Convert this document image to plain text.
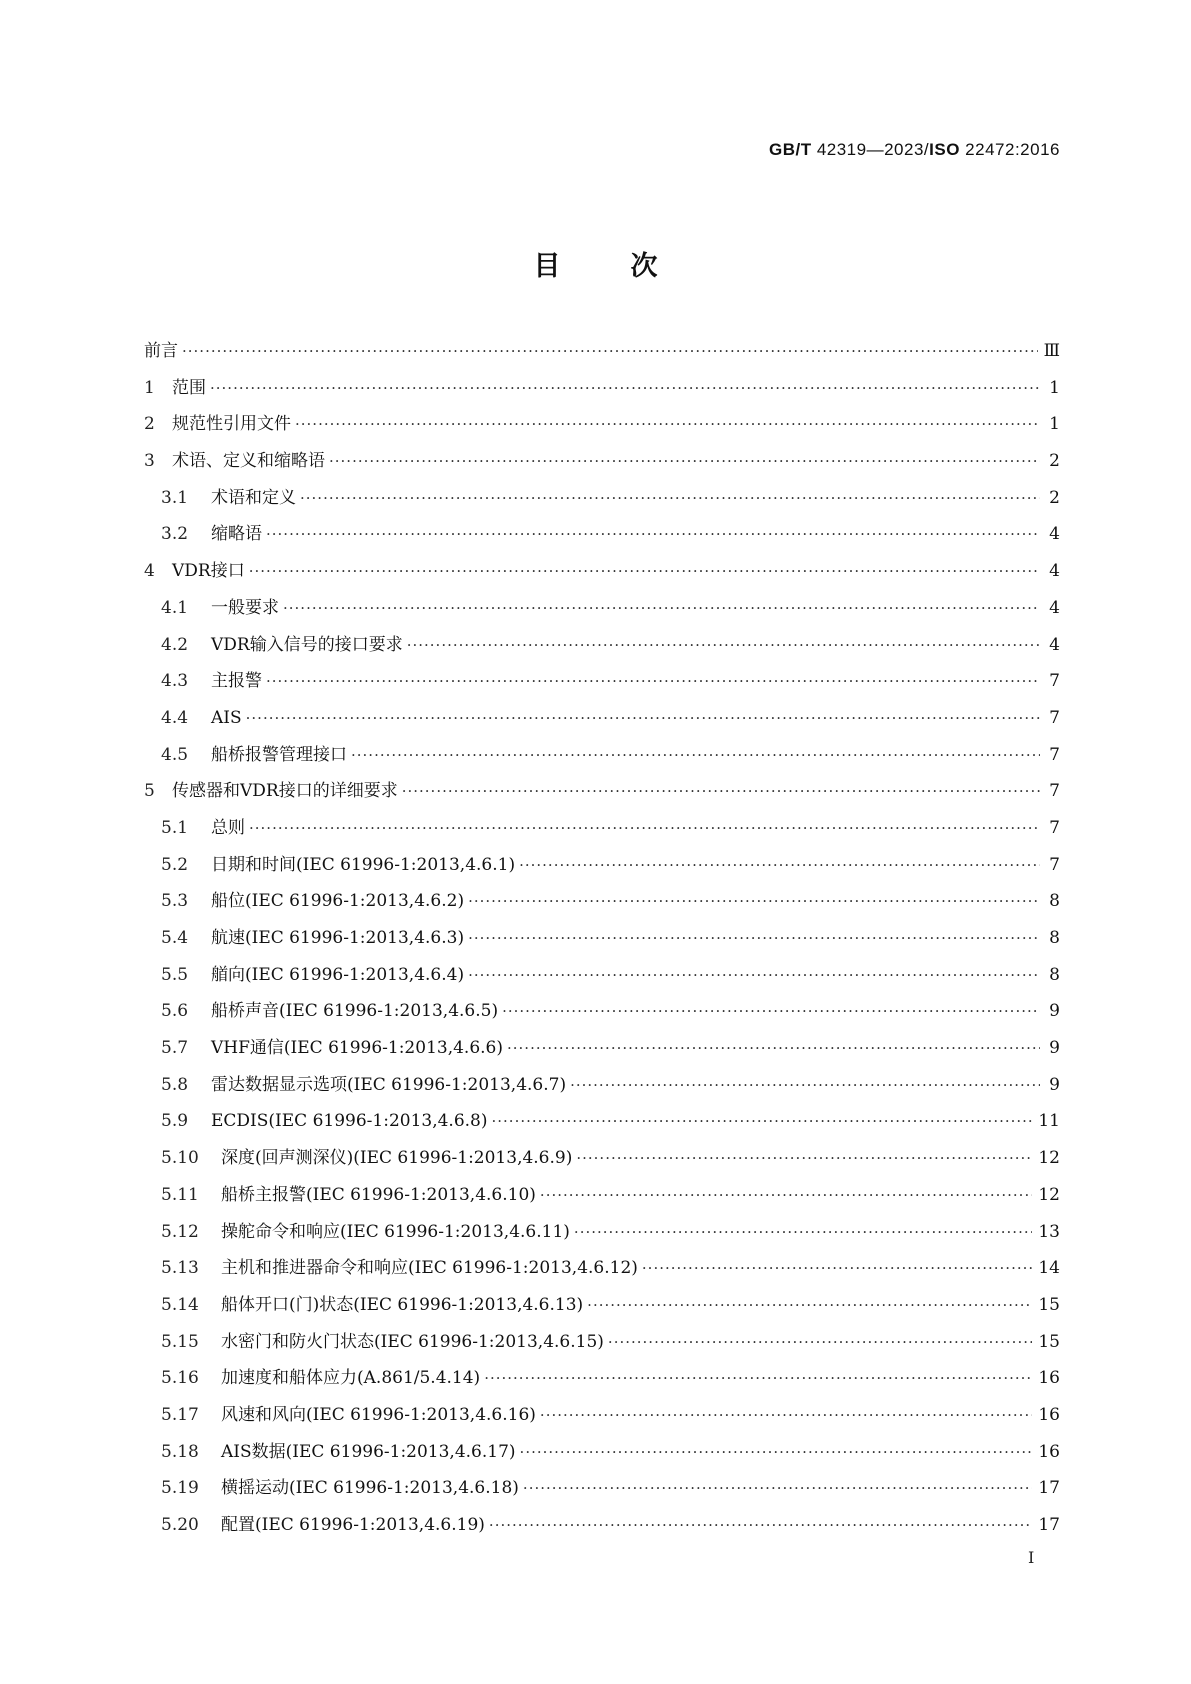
GB/T 42319—2023/ISO 22472:2016
目次
前言 ·····	Ⅲ
1	范围 ·····	1
2	规范性引用文件 ·····	1
3	术语、定义和缩略语 ·····	2
3.1	术语和定义 ·····	2
3.2	缩略语 ·····	4
4	VDR接口 ·····	4
4.1	一般要求 ·····	4
4.2	VDR输入信号的接口要求 ·····	4
4.3	主报警 ·····	7
4.4	AIS ·····	7
4.5	船桥报警管理接口 ·····	7
5	传感器和VDR接口的详细要求 ·····	7
5.1	总则 ·····	7
5.2	日期和时间(IEC 61996-1:2013,4.6.1) ·····	7
5.3	船位(IEC 61996-1:2013,4.6.2) ·····	8
5.4	航速(IEC 61996-1:2013,4.6.3) ·····	8
5.5	艏向(IEC 61996-1:2013,4.6.4) ·····	8
5.6	船桥声音(IEC 61996-1:2013,4.6.5) ·····	9
5.7	VHF通信(IEC 61996-1:2013,4.6.6) ·····	9
5.8	雷达数据显示选项(IEC 61996-1:2013,4.6.7) ·····	9
5.9	ECDIS(IEC 61996-1:2013,4.6.8) ·····	11
5.10	深度(回声测深仪)(IEC 61996-1:2013,4.6.9) ·····	12
5.11	船桥主报警(IEC 61996-1:2013,4.6.10) ·····	12
5.12	操舵命令和响应(IEC 61996-1:2013,4.6.11) ·····	13
5.13	主机和推进器命令和响应(IEC 61996-1:2013,4.6.12) ·····	14
5.14	船体开口(门)状态(IEC 61996-1:2013,4.6.13) ·····	15
5.15	水密门和防火门状态(IEC 61996-1:2013,4.6.15) ·····	15
5.16	加速度和船体应力(A.861/5.4.14) ·····	16
5.17	风速和风向(IEC 61996-1:2013,4.6.16) ·····	16
5.18	AIS数据(IEC 61996-1:2013,4.6.17) ·····	16
5.19	横摇运动(IEC 61996-1:2013,4.6.18) ·····	17
5.20	配置(IEC 61996-1:2013,4.6.19) ·····	17
I
